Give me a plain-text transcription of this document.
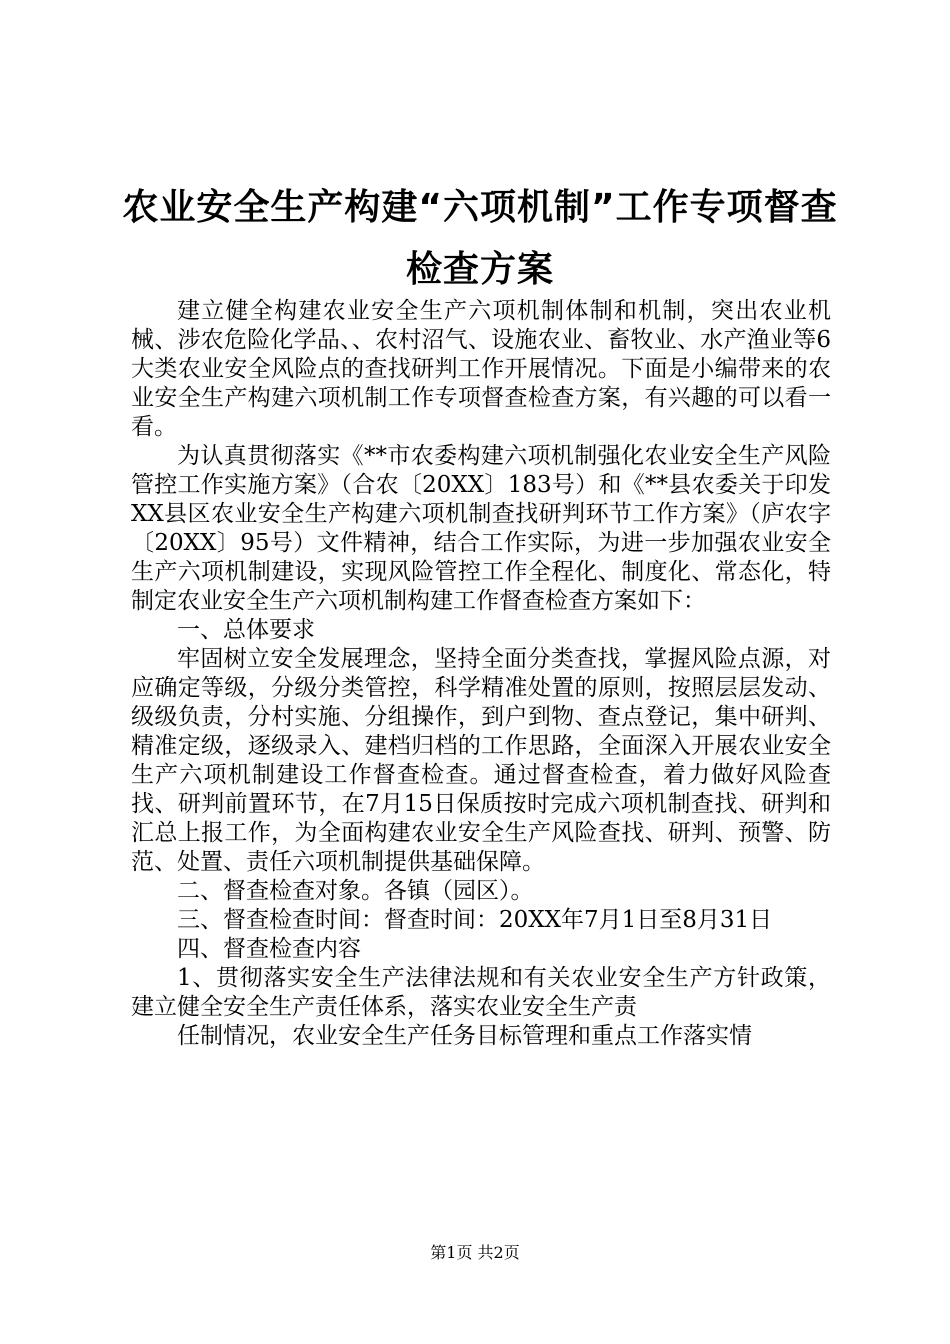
农业安全生产构建“六项机制”工作专项督查
检查方案

建立健全构建农业安全生产六项机制体制和机制，突出农业机械、涉农危险化学品、、农村沼气、设施农业、畜牧业、水产渔业等6大类农业安全风险点的查找研判工作开展情况。下面是小编带来的农业安全生产构建六项机制工作专项督查检查方案，有兴趣的可以看一看。

为认真贯彻落实《**市农委构建六项机制强化农业安全生产风险管控工作实施方案》（合农〔20XX〕183号）和《**县农委关于印发XX县区农业安全生产构建六项机制查找研判环节工作方案》（庐农字〔20XX〕95号）文件精神，结合工作实际，为进一步加强农业安全生产六项机制建设，实现风险管控工作全程化、制度化、常态化，特制定农业安全生产六项机制构建工作督查检查方案如下：

一、总体要求

牢固树立安全发展理念，坚持全面分类查找，掌握风险点源，对应确定等级，分级分类管控，科学精准处置的原则，按照层层发动、级级负责，分村实施、分组操作，到户到物、查点登记，集中研判、精准定级，逐级录入、建档归档的工作思路，全面深入开展农业安全生产六项机制建设工作督查检查。通过督查检查，着力做好风险查找、研判前置环节，在7月15日保质按时完成六项机制查找、研判和汇总上报工作，为全面构建农业安全生产风险查找、研判、预警、防范、处置、责任六项机制提供基础保障。

二、督查检查对象。各镇（园区）。

三、督查检查时间：督查时间：20XX年7月1日至8月31日

四、督查检查内容

1、贯彻落实安全生产法律法规和有关农业安全生产方针政策，建立健全安全生产责任体系，落实农业安全生产责

任制情况，农业安全生产任务目标管理和重点工作落实情

第1页 共2页
